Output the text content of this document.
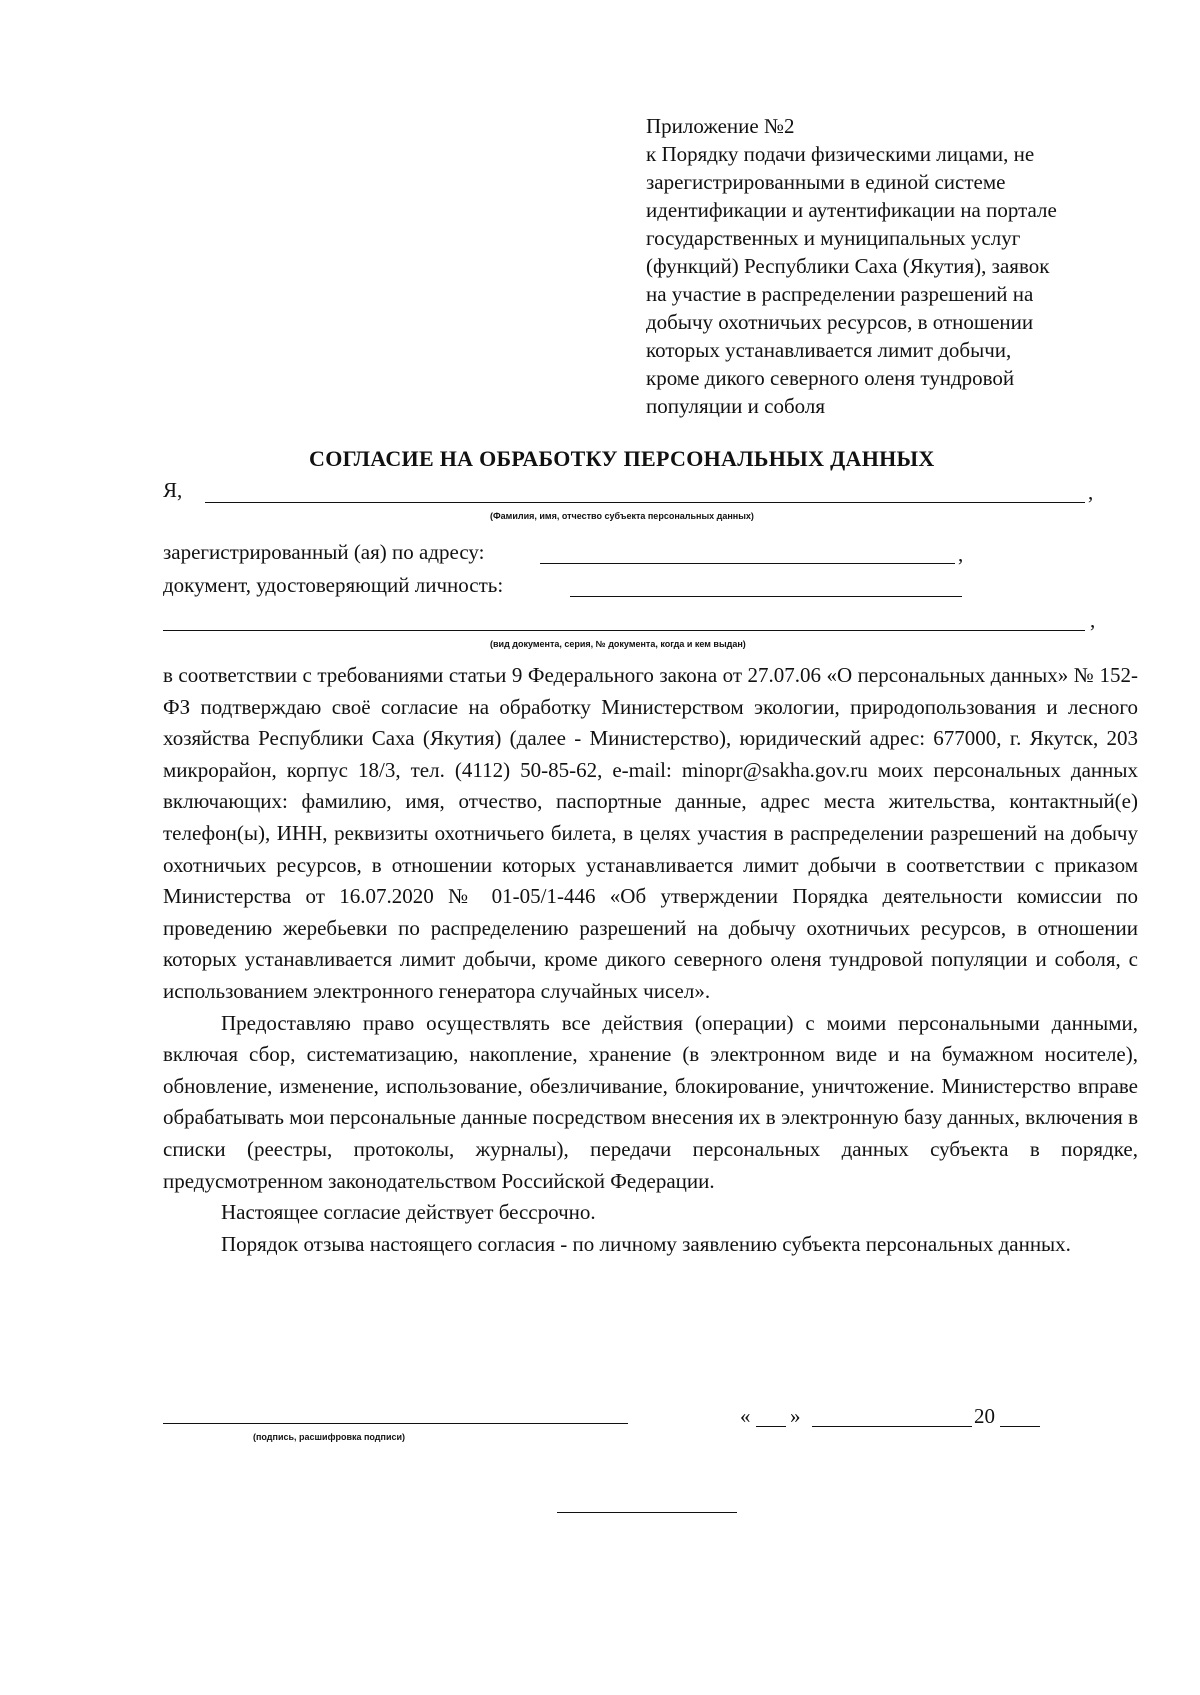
Приложение №2
к Порядку подачи физическими лицами, не
зарегистрированными в единой системе
идентификации и аутентификации на портале
государственных и муниципальных услуг
(функций) Республики Саха (Якутия), заявок
на участие в распределении разрешений на
добычу охотничьих ресурсов, в отношении
которых устанавливается лимит добычи,
кроме дикого северного оленя тундровой
популяции и соболя
СОГЛАСИЕ НА ОБРАБОТКУ ПЕРСОНАЛЬНЫХ ДАННЫХ
Я,	,
(Фамилия, имя, отчество субъекта персональных данных)
зарегистрированный (ая) по адресу:	,
документ, удостоверяющий личность:
,
(вид документа, серия, № документа, когда и кем выдан)

в соответствии с требованиями статьи 9 Федерального закона от 27.07.06 «О персональных данных» № 152-ФЗ подтверждаю своё согласие на обработку Министерством экологии, природопользования и лесного хозяйства Республики Саха (Якутия) (далее - Министерство), юридический адрес: 677000, г. Якутск, 203 микрорайон, корпус 18/3, тел. (4112) 50-85-62, e-mail: minopr@sakha.gov.ru моих персональных данных включающих: фамилию, имя, отчество, паспортные данные, адрес места жительства, контактный(е) телефон(ы), ИНН, реквизиты охотничьего билета, в целях участия в распределении разрешений на добычу охотничьих ресурсов, в отношении которых устанавливается лимит добычи в соответствии с приказом Министерства от 16.07.2020 № 01-05/1-446 «Об утверждении Порядка деятельности комиссии по проведению жеребьевки по распределению разрешений на добычу охотничьих ресурсов, в отношении которых устанавливается лимит добычи, кроме дикого северного оленя тундровой популяции и соболя, с использованием электронного генератора случайных чисел».

Предоставляю право осуществлять все действия (операции) с моими персональными данными, включая сбор, систематизацию, накопление, хранение (в электронном виде и на бумажном носителе), обновление, изменение, использование, обезличивание, блокирование, уничтожение. Министерство вправе обрабатывать мои персональные данные посредством внесения их в электронную базу данных, включения в списки (реестры, протоколы, журналы), передачи персональных данных субъекта в порядке, предусмотренном законодательством Российской Федерации.

Настоящее согласие действует бессрочно.

Порядок отзыва настоящего согласия - по личному заявлению субъекта персональных данных.

(подпись, расшифровка подписи)
« »	20
